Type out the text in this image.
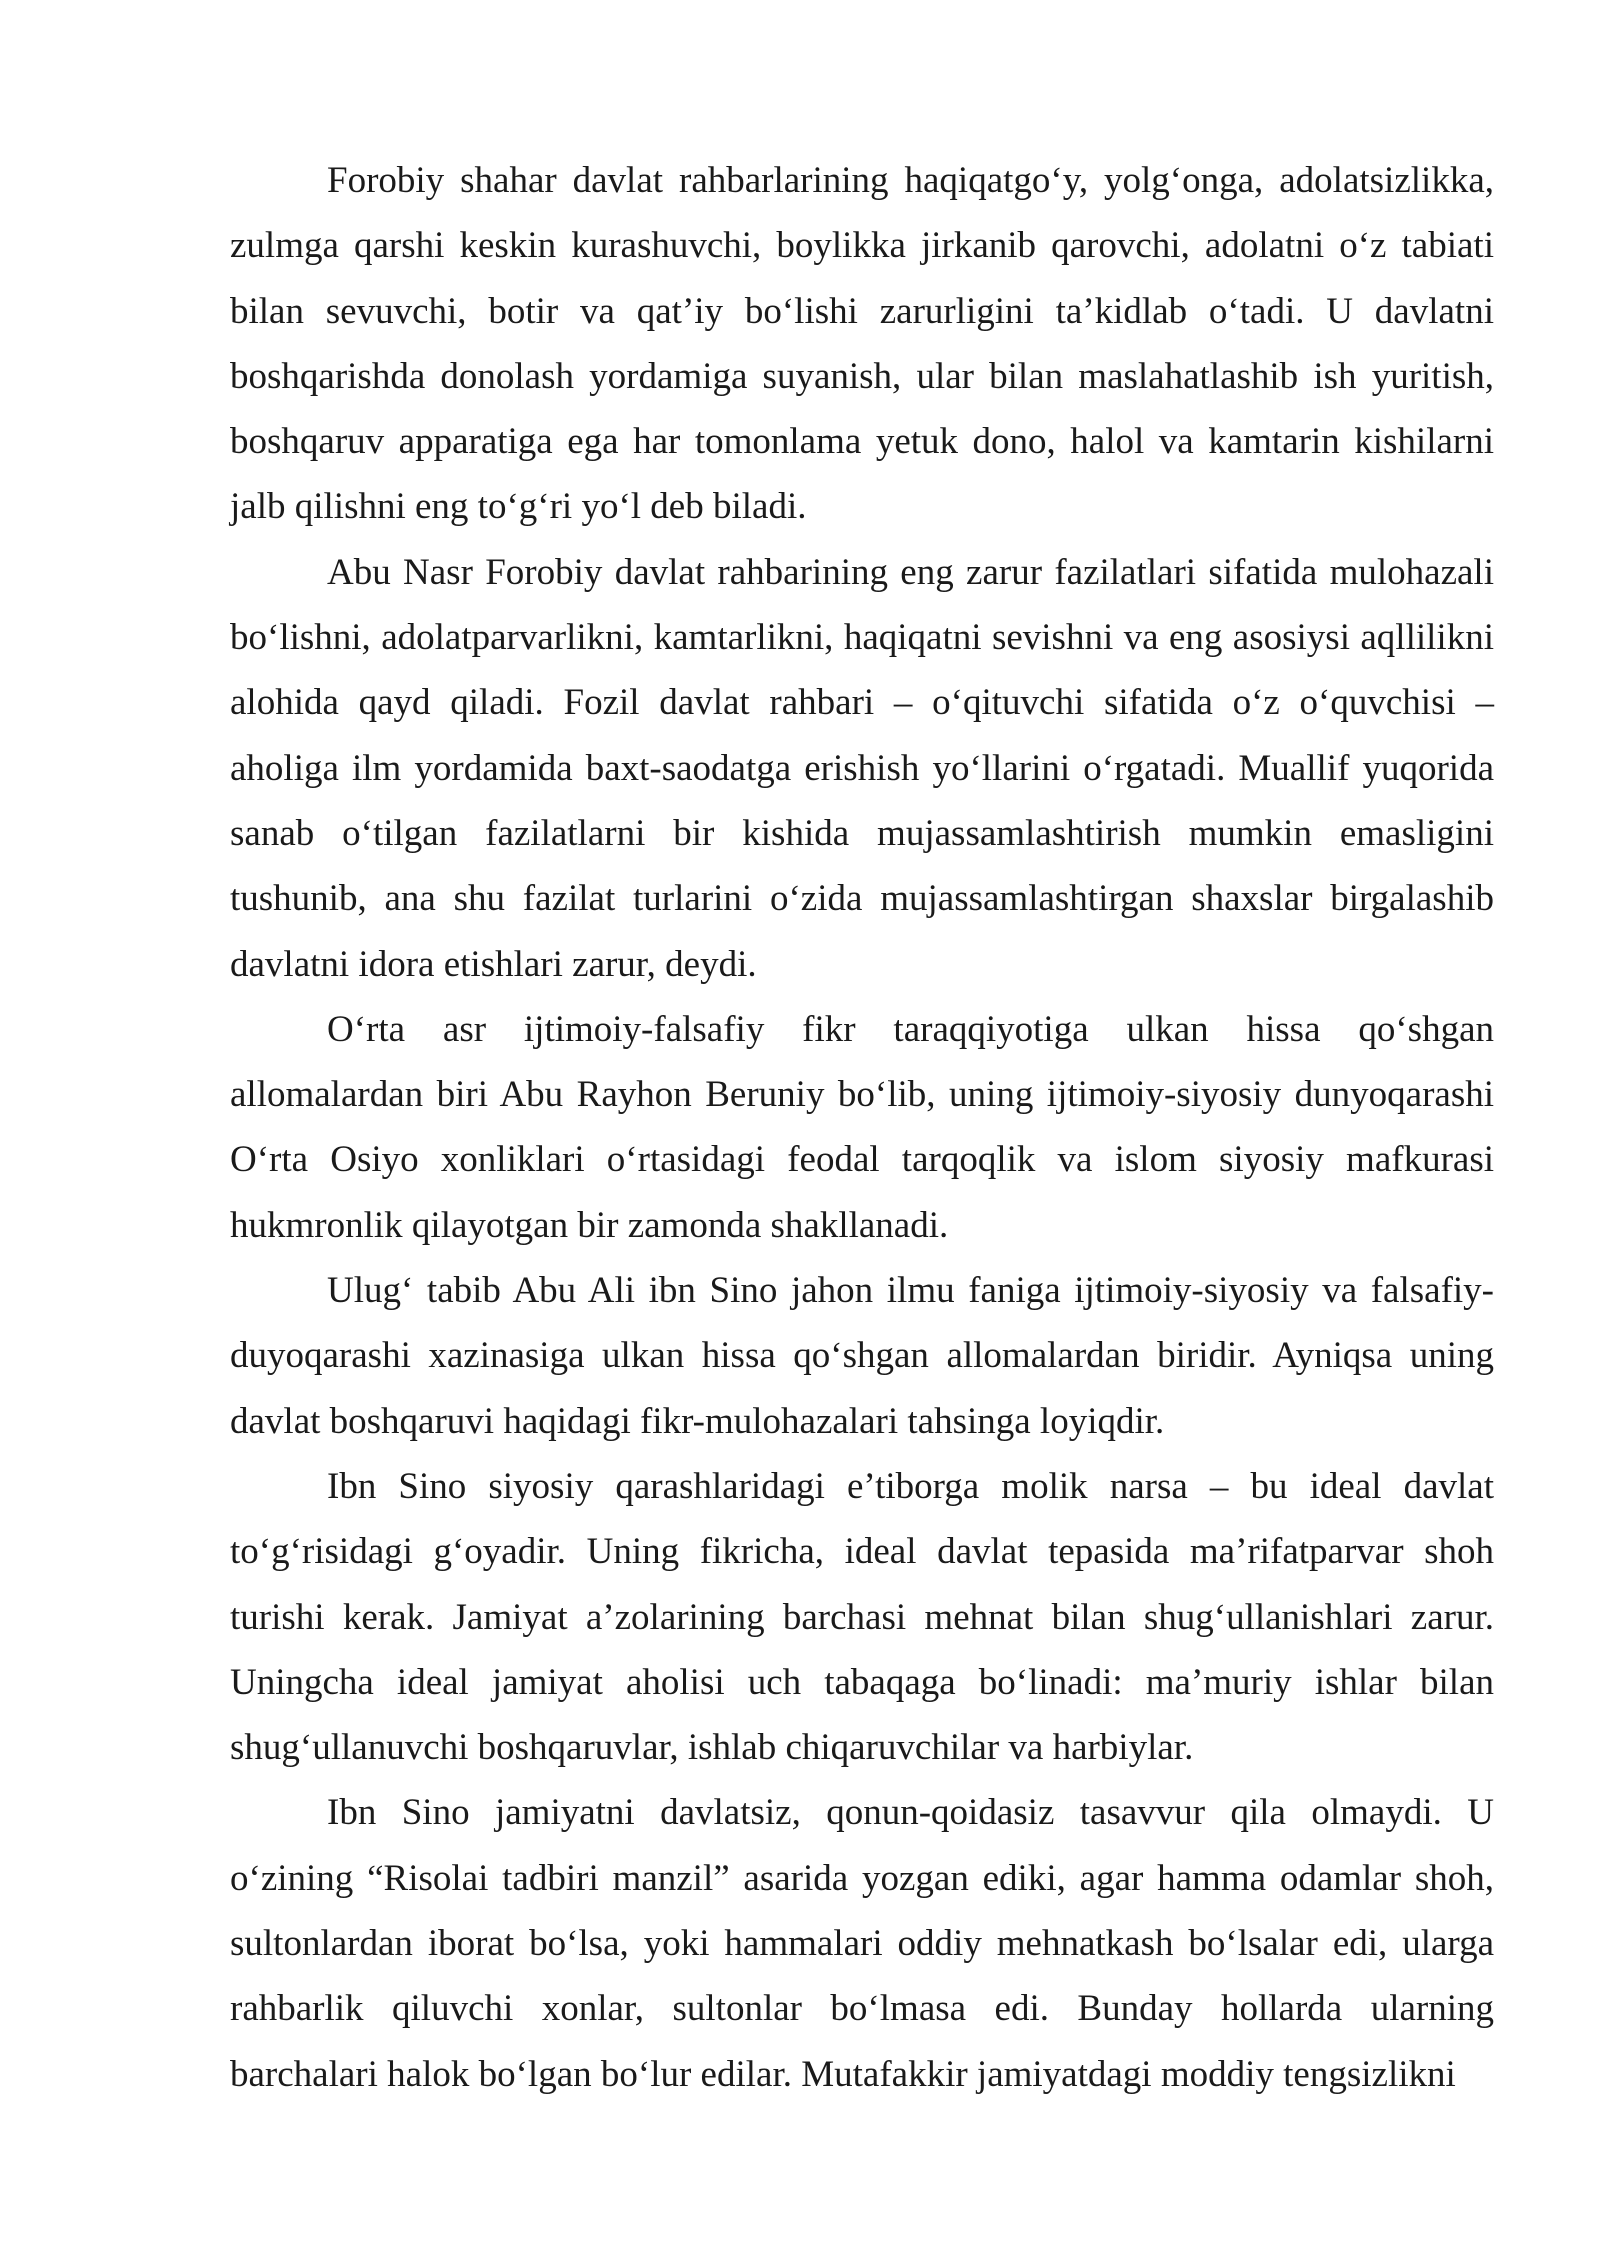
Forobiy shahar davlat rahbarlarining haqiqatgo‘y, yolg‘onga, adolatsizlikka, zulmga qarshi keskin kurashuvchi, boylikka jirkanib qarovchi, adolatni o‘z tabiati bilan sevuvchi, botir va qat’iy bo‘lishi zarurligini ta’kidlab o‘tadi. U davlatni boshqarishda donolash yordamiga suyanish, ular bilan maslahatlashib ish yuritish, boshqaruv apparatiga ega har tomonlama yetuk dono, halol va kamtarin kishilarni jalb qilishni eng to‘g‘ri yo‘l deb biladi.

Abu Nasr Forobiy davlat rahbarining eng zarur fazilatlari sifatida mulohazali bo‘lishni, adolatparvarlikni, kamtarlikni, haqiqatni sevishni va eng asosiysi aqllilikni alohida qayd qiladi. Fozil davlat rahbari – o‘qituvchi sifatida o‘z o‘quvchisi – aholiga ilm yordamida baxt-saodatga erishish yo‘llarini o‘rgatadi. Muallif yuqorida sanab o‘tilgan fazilatlarni bir kishida mujassamlashtirish mumkin emasligini tushunib, ana shu fazilat turlarini o‘zida mujassamlashtirgan shaxslar birgalashib davlatni idora etishlari zarur, deydi.

O‘rta asr ijtimoiy-falsafiy fikr taraqqiyotiga ulkan hissa qo‘shgan allomalardan biri Abu Rayhon Beruniy bo‘lib, uning ijtimoiy-siyosiy dunyoqarashi O‘rta Osiyo xonliklari o‘rtasidagi feodal tarqoqlik va islom siyosiy mafkurasi hukmronlik qilayotgan bir zamonda shakllanadi.

Ulug‘ tabib Abu Ali ibn Sino jahon ilmu faniga ijtimoiy-siyosiy va falsafiy-duyoqarashi xazinasiga ulkan hissa qo‘shgan allomalardan biridir. Ayniqsa uning davlat boshqaruvi haqidagi fikr-mulohazalari tahsinga loyiqdir.

Ibn Sino siyosiy qarashlaridagi e’tiborga molik narsa – bu ideal davlat to‘g‘risidagi g‘oyadir. Uning fikricha, ideal davlat tepasida ma’rifatparvar shoh turishi kerak. Jamiyat a’zolarining barchasi mehnat bilan shug‘ullanishlari zarur. Uningcha ideal jamiyat aholisi uch tabaqaga bo‘linadi: ma’muriy ishlar bilan shug‘ullanuvchi boshqaruvlar, ishlab chiqaruvchilar va harbiylar.

Ibn Sino jamiyatni davlatsiz, qonun-qoidasiz tasavvur qila olmaydi. U o‘zining “Risolai tadbiri manzil” asarida yozgan ediki, agar hamma odamlar shoh, sultonlardan iborat bo‘lsa, yoki hammalari oddiy mehnatkash bo‘lsalar edi, ularga rahbarlik qiluvchi xonlar, sultonlar bo‘lmasa edi. Bunday hollarda ularning barchalari halok bo‘lgan bo‘lur edilar. Mutafakkir jamiyatdagi moddiy tengsizlikni
